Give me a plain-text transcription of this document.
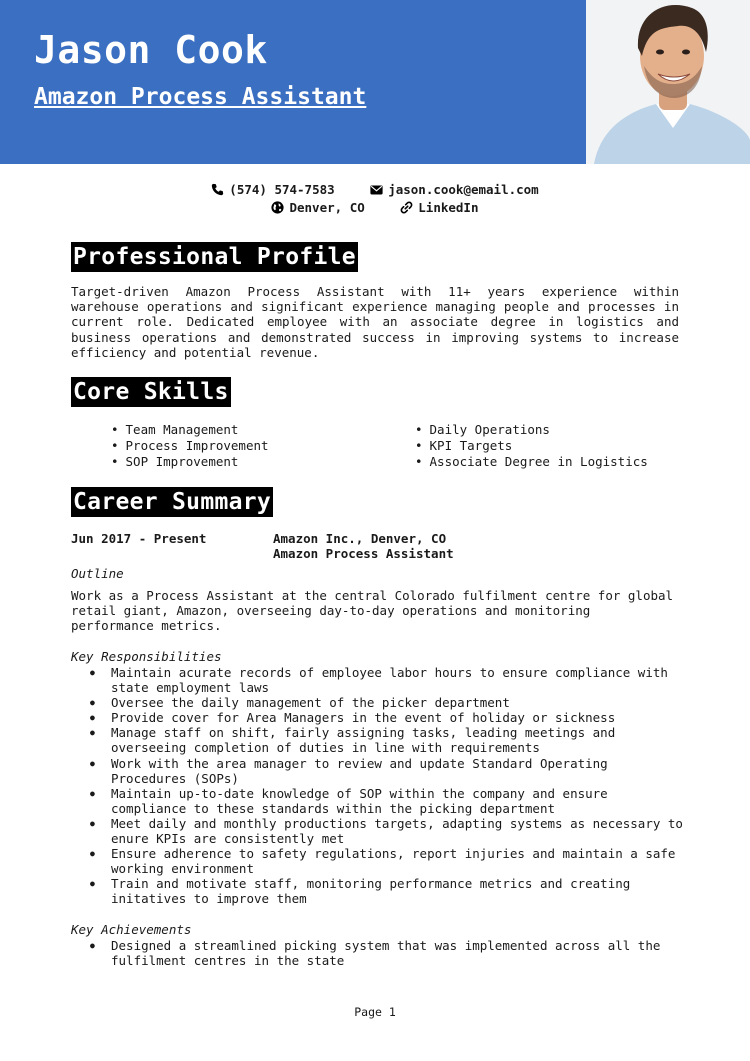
Jason Cook
Amazon Process Assistant
(574) 574-7583	jason.cook@email.com
Denver, CO	LinkedIn
Professional Profile

Target-driven Amazon Process Assistant with 11+ years experience within warehouse operations and significant experience managing people and processes in current role. Dedicated employee with an associate degree in logistics and business operations and demonstrated success in improving systems to increase efficiency and potential revenue.

Core Skills
• Team Management
• Process Improvement
• SOP Improvement
• Daily Operations
• KPI Targets
• Associate Degree in Logistics
Career Summary
Jun 2017 - Present	Amazon Inc., Denver, CO
Amazon Process Assistant

Outline

Work as a Process Assistant at the central Colorado fulfilment centre for global retail giant, Amazon, overseeing day-to-day operations and monitoring performance metrics.

Key Responsibilities

● Maintain acurate records of employee labor hours to ensure compliance with state employment laws
● Oversee the daily management of the picker department
● Provide cover for Area Managers in the event of holiday or sickness
● Manage staff on shift, fairly assigning tasks, leading meetings and overseeing completion of duties in line with requirements
● Work with the area manager to review and update Standard Operating Procedures (SOPs)
● Maintain up-to-date knowledge of SOP within the company and ensure compliance to these standards within the picking department
● Meet daily and monthly productions targets, adapting systems as necessary to enure KPIs are consistently met
● Ensure adherence to safety regulations, report injuries and maintain a safe working environment
● Train and motivate staff, monitoring performance metrics and creating initatives to improve them

Key Achievements

● Designed a streamlined picking system that was implemented across all the fulfilment centres in the state
Page 1
